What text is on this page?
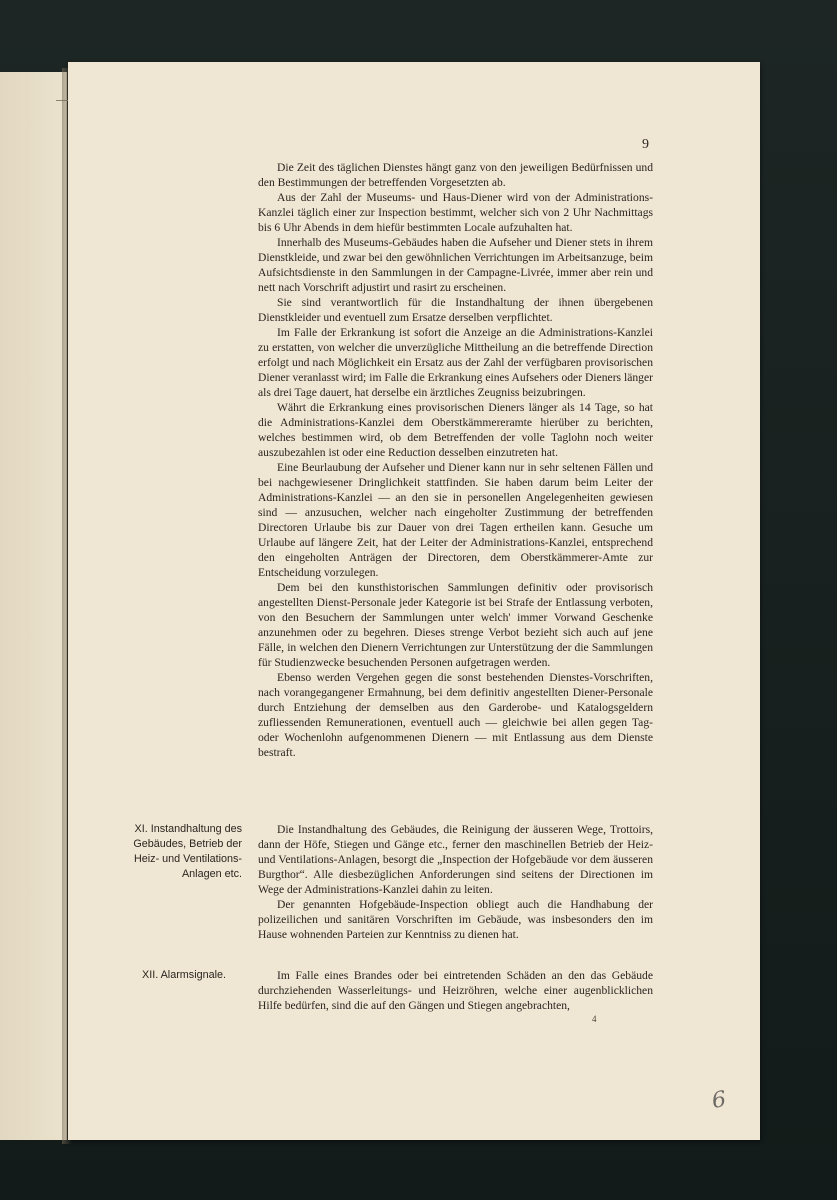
9

Die Zeit des täglichen Dienstes hängt ganz von den jeweiligen Bedürfnissen und den Bestimmungen der betreffenden Vorgesetzten ab.

Aus der Zahl der Museums- und Haus-Diener wird von der Administrations-Kanzlei täglich einer zur Inspection bestimmt, welcher sich von 2 Uhr Nachmittags bis 6 Uhr Abends in dem hiefür bestimmten Locale aufzuhalten hat.

Innerhalb des Museums-Gebäudes haben die Aufseher und Diener stets in ihrem Dienstkleide, und zwar bei den gewöhnlichen Verrichtungen im Arbeitsanzuge, beim Aufsichtsdienste in den Sammlungen in der Campagne-Livrée, immer aber rein und nett nach Vorschrift adjustirt und rasirt zu erscheinen.

Sie sind verantwortlich für die Instandhaltung der ihnen übergebenen Dienstkleider und eventuell zum Ersatze derselben verpflichtet.

Im Falle der Erkrankung ist sofort die Anzeige an die Administrations-Kanzlei zu erstatten, von welcher die unverzügliche Mittheilung an die betreffende Direction erfolgt und nach Möglichkeit ein Ersatz aus der Zahl der verfügbaren provisorischen Diener veranlasst wird; im Falle die Erkrankung eines Aufsehers oder Dieners länger als drei Tage dauert, hat derselbe ein ärztliches Zeugniss beizubringen.

Währt die Erkrankung eines provisorischen Dieners länger als 14 Tage, so hat die Administrations-Kanzlei dem Oberstkämmereramte hierüber zu berichten, welches bestimmen wird, ob dem Betreffenden der volle Taglohn noch weiter auszubezahlen ist oder eine Reduction desselben einzutreten hat.

Eine Beurlaubung der Aufseher und Diener kann nur in sehr seltenen Fällen und bei nachgewiesener Dringlichkeit stattfinden. Sie haben darum beim Leiter der Administrations-Kanzlei — an den sie in personellen Angelegenheiten gewiesen sind — anzusuchen, welcher nach eingeholter Zustimmung der betreffenden Directoren Urlaube bis zur Dauer von drei Tagen ertheilen kann. Gesuche um Urlaube auf längere Zeit, hat der Leiter der Administrations-Kanzlei, entsprechend den eingeholten Anträgen der Directoren, dem Oberstkämmerer-Amte zur Entscheidung vorzulegen.

Dem bei den kunsthistorischen Sammlungen definitiv oder provisorisch angestellten Dienst-Personale jeder Kategorie ist bei Strafe der Entlassung verboten, von den Besuchern der Sammlungen unter welch' immer Vorwand Geschenke anzunehmen oder zu begehren. Dieses strenge Verbot bezieht sich auch auf jene Fälle, in welchen den Dienern Verrichtungen zur Unterstützung der die Sammlungen für Studienzwecke besuchenden Personen aufgetragen werden.

Ebenso werden Vergehen gegen die sonst bestehenden Dienstes-Vorschriften, nach vorangegangener Ermahnung, bei dem definitiv angestellten Diener-Personale durch Entziehung der demselben aus den Garderobe- und Katalogsgeldern zufliessenden Remunerationen, eventuell auch — gleichwie bei allen gegen Tag- oder Wochenlohn aufgenommenen Dienern — mit Entlassung aus dem Dienste bestraft.

XI. Instandhaltung des Gebäudes, Betrieb der Heiz- und Ventilations-Anlagen etc.

Die Instandhaltung des Gebäudes, die Reinigung der äusseren Wege, Trottoirs, dann der Höfe, Stiegen und Gänge etc., ferner den maschinellen Betrieb der Heiz- und Ventilations-Anlagen, besorgt die „Inspection der Hofgebäude vor dem äusseren Burgthor“. Alle diesbezüglichen Anforderungen sind seitens der Directionen im Wege der Administrations-Kanzlei dahin zu leiten.

Der genannten Hofgebäude-Inspection obliegt auch die Handhabung der polizeilichen und sanitären Vorschriften im Gebäude, was insbesonders den im Hause wohnenden Parteien zur Kenntniss zu dienen hat.

XII. Alarmsignale.	Im Falle eines Brandes oder bei eintretenden Schäden an den das Gebäude durchziehenden Wasserleitungs- und Heizröhren, welche einer augenblicklichen Hilfe bedürfen, sind die auf den Gängen und Stiegen angebrachten,

4
6
